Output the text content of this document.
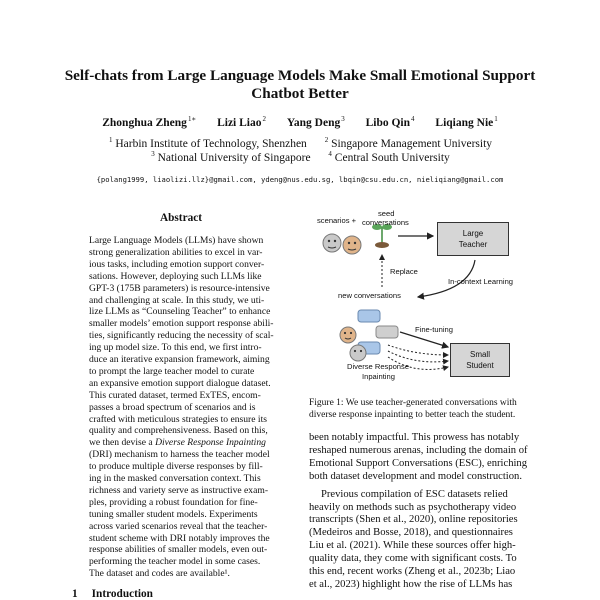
Self-chats from Large Language Models Make Small Emotional Support
Chatbot Better
Zhonghua Zheng$^{1∗}$ Lizi Liao$^2$ Yang Deng$^3$ Libo Qin$^4$ Liqiang Nie$^1$
$^1$ Harbin Institute of Technology, Shenzhen	$^2$ Singapore Management University
$^3$ National University of Singapore	$^4$ Central South University
{polang1999, liaolizi.llz}@gmail.com, ydeng@nus.edu.sg, lbqin@csu.edu.cn, nieliqiang@gmail.com
Abstract
Large Language Models (LLMs) have shown
strong generalization abilities to excel in var-
ious tasks, including emotion support conver-
sations. However, deploying such LLMs like
GPT-3 (175B parameters) is resource-intensive
and challenging at scale. In this study, we uti-
lize LLMs as “Counseling Teacher” to enhance
smaller models’ emotion support response abili-
ties, significantly reducing the necessity of scal-
ing up model size. To this end, we first intro-
duce an iterative expansion framework, aiming
to prompt the large teacher model to curate
an expansive emotion support dialogue dataset.
This curated dataset, termed ExTES, encom-
passes a broad spectrum of scenarios and is
crafted with meticulous strategies to ensure its
quality and comprehensiveness. Based on this,
we then devise a Diverse Response Inpainting
(DRI) mechanism to harness the teacher model
to produce multiple diverse responses by fill-
ing in the masked conversation context. This
richness and variety serve as instructive exam-
ples, providing a robust foundation for fine-
tuning smaller student models. Experiments
across varied scenarios reveal that the teacher-
student scheme with DRI notably improves the
response abilities of smaller models, even out-
performing the teacher model in some cases.
The dataset and codes are available¹.
1 Introduction
scenarios +
seed
conversations
Large
Teacher
Replace
In-context Learning
new conversations
Fine-tuning
Small
Student
Diverse Response
Inpainting
Figure 1: We use teacher-generated conversations with
diverse response inpainting to better teach the student.
been notably impactful. This prowess has notably
reshaped numerous arenas, including the domain of
Emotional Support Conversations (ESC), enriching
both dataset development and model construction.
Previous compilation of ESC datasets relied
heavily on methods such as psychotherapy video
transcripts (Shen et al., 2020), online repositories
(Medeiros and Bosse, 2018), and questionnaires
Liu et al. (2021). While these sources offer high-
quality data, they come with significant costs. To
this end, recent works (Zheng et al., 2023b; Liao
et al., 2023) highlight how the rise of LLMs has
